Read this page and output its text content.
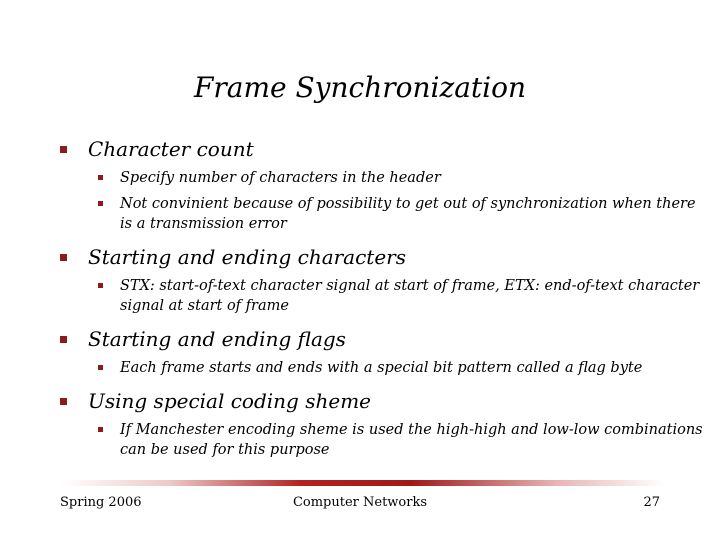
Frame Synchronization
Character count
Specify number of characters in the header
Not convinient because of possibility to get out of synchronization when there is a transmission error
Starting and ending characters
STX: start-of-text character signal at start of frame, ETX: end-of-text character signal at start of frame
Starting and ending flags
Each frame starts and ends with a special bit pattern called a flag byte
Using special coding sheme
If Manchester encoding sheme is used the high-high and low-low combinations can be used for this purpose
Spring 2006	Computer Networks	27
